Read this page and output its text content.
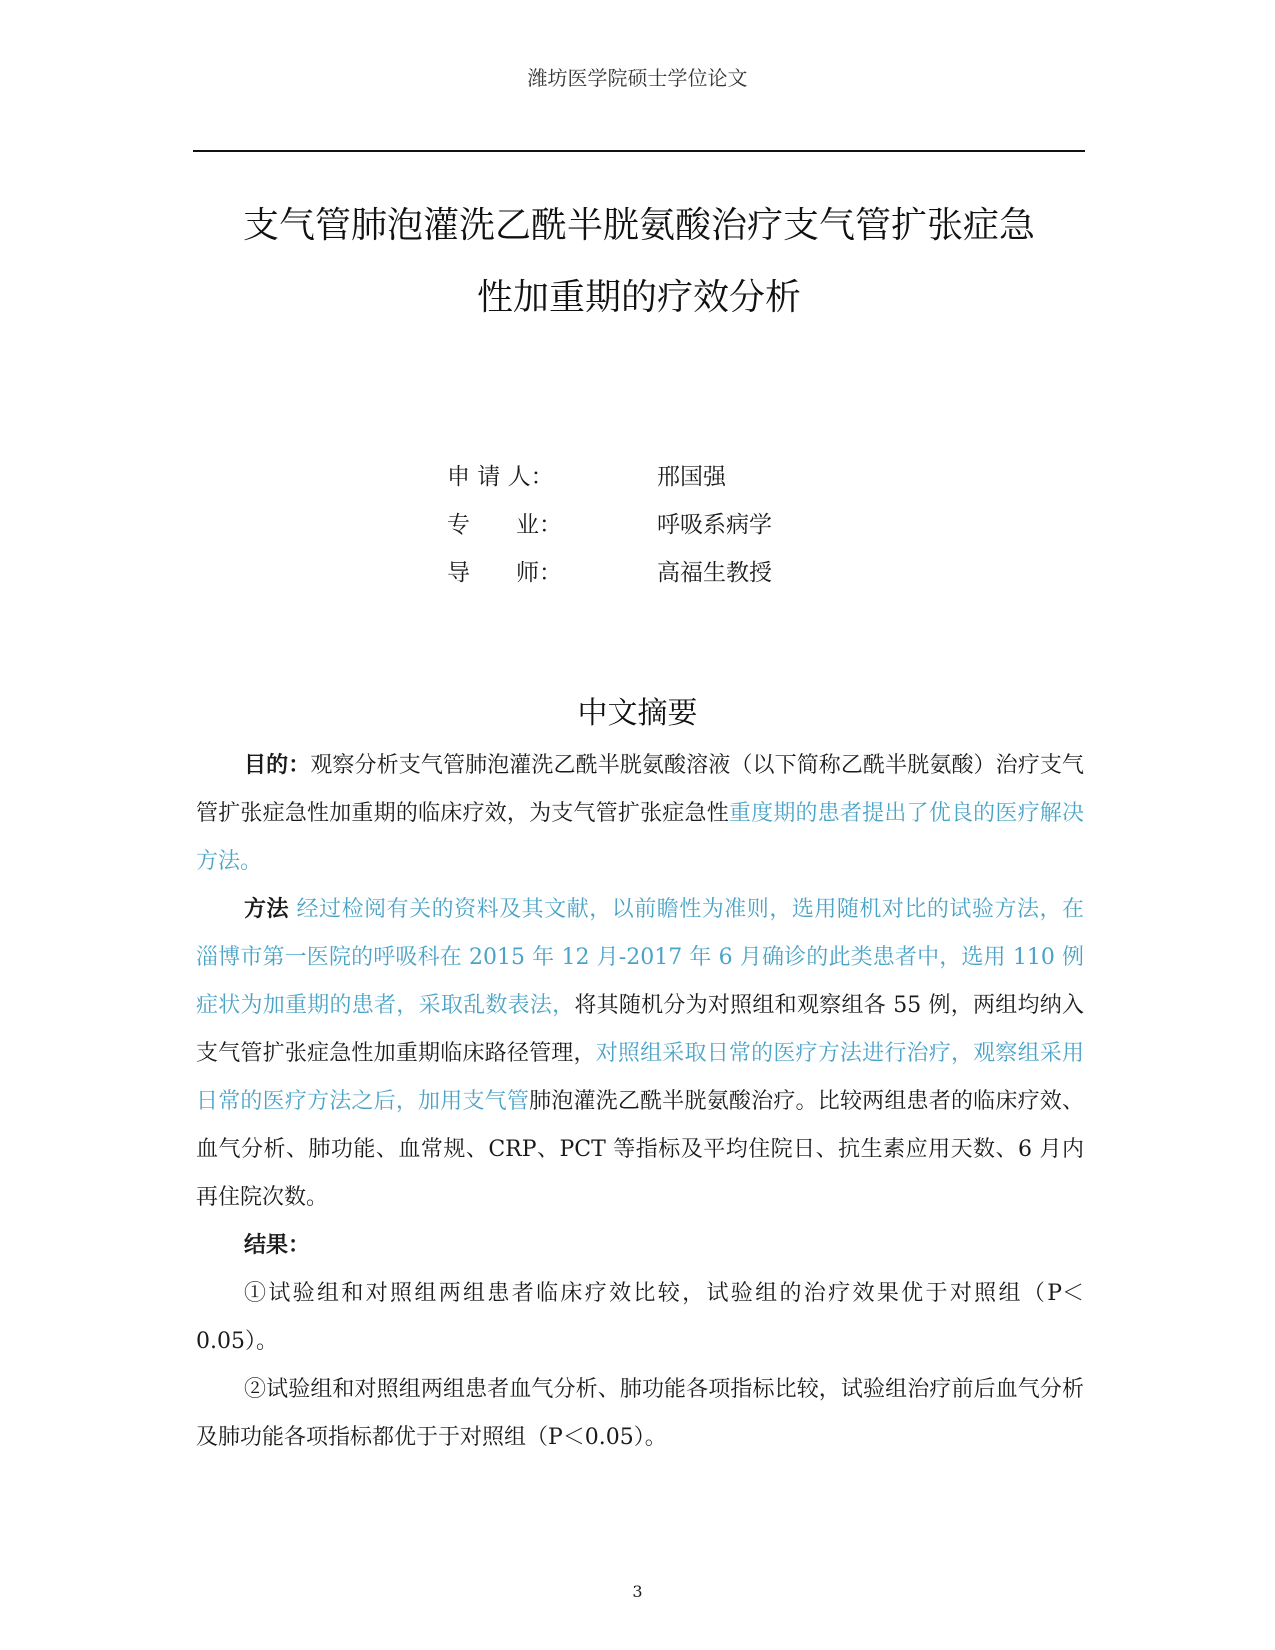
潍坊医学院硕士学位论文
支气管肺泡灌洗乙酰半胱氨酸治疗支气管扩张症急
性加重期的疗效分析
申 请 人：	邢国强
专　　业：	呼吸系病学
导　　师：	高福生教授
中文摘要

目的：观察分析支气管肺泡灌洗乙酰半胱氨酸溶液（以下简称乙酰半胱氨酸）治疗支气管扩张症急性加重期的临床疗效，为支气管扩张症急性重度期的患者提出了优良的医疗解决方法。

方法 经过检阅有关的资料及其文献，以前瞻性为准则，选用随机对比的试验方法，在淄博市第一医院的呼吸科在 2015 年 12 月-2017 年 6 月确诊的此类患者中，选用 110 例症状为加重期的患者，采取乱数表法，将其随机分为对照组和观察组各 55 例，两组均纳入支气管扩张症急性加重期临床路径管理，对照组采取日常的医疗方法进行治疗，观察组采用日常的医疗方法之后，加用支气管肺泡灌洗乙酰半胱氨酸治疗。比较两组患者的临床疗效、血气分析、肺功能、血常规、CRP、PCT 等指标及平均住院日、抗生素应用天数、6 月内再住院次数。

结果：

①试验组和对照组两组患者临床疗效比较，试验组的治疗效果优于对照组（P＜0.05）。

②试验组和对照组两组患者血气分析、肺功能各项指标比较，试验组治疗前后血气分析及肺功能各项指标都优于于对照组（P＜0.05）。

3
